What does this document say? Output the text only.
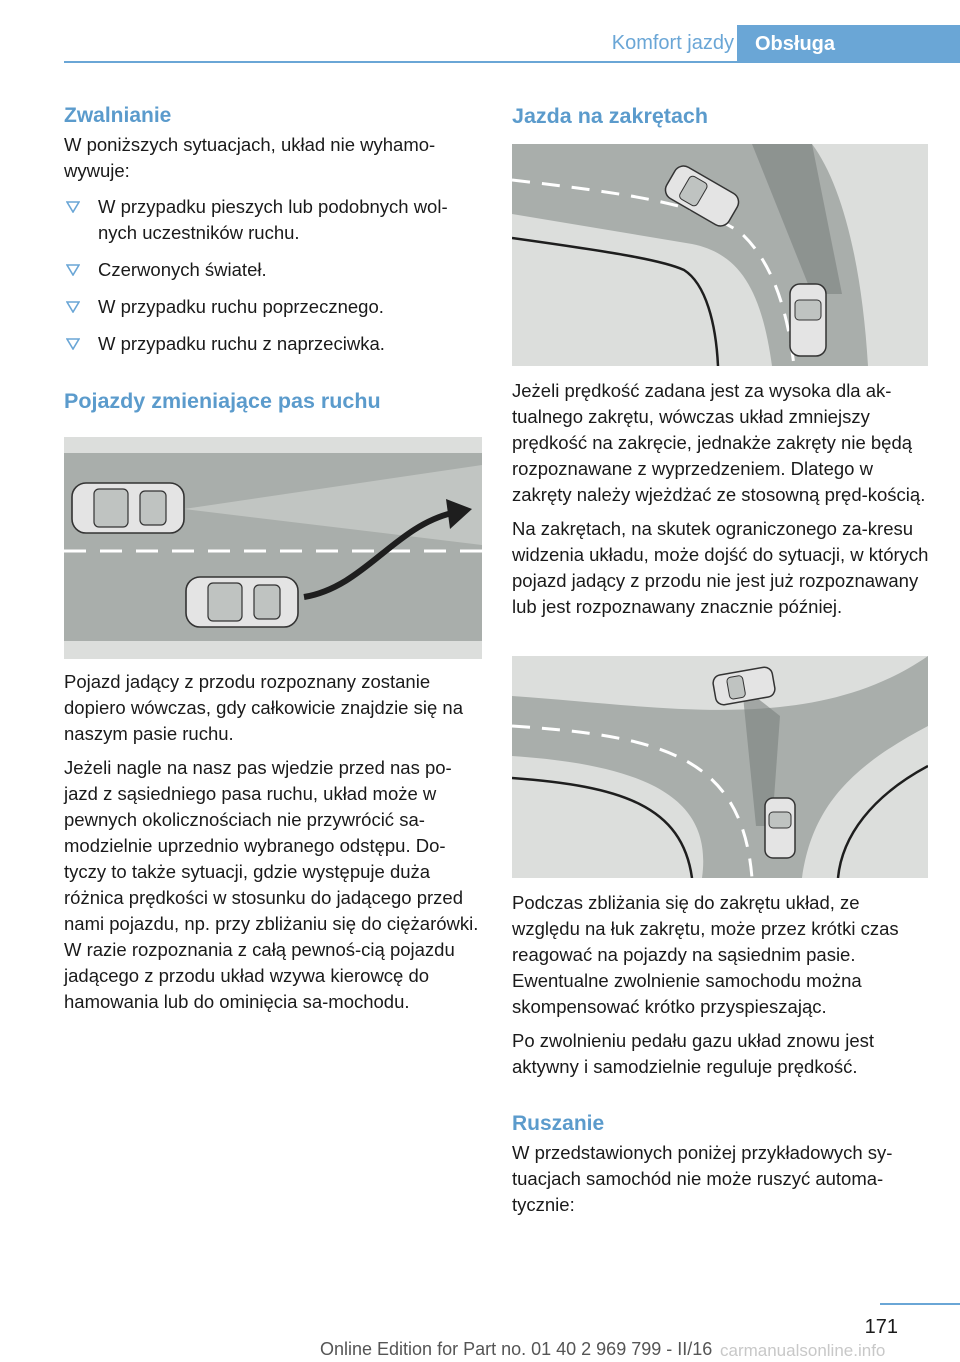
Komfort jazdy	Obsługa
Zwalnianie

W poniższych sytuacjach, układ nie wyhamo-wywuje:

W przypadku pieszych lub podobnych wol-nych uczestników ruchu.
Czerwonych świateł.
W przypadku ruchu poprzecznego.
W przypadku ruchu z naprzeciwka.
Pojazdy zmieniające pas ruchu

Pojazd jadący z przodu rozpoznany zostanie dopiero wówczas, gdy całkowicie znajdzie się na naszym pasie ruchu.

Jeżeli nagle na nasz pas wjedzie przed nas po-jazd z sąsiedniego pasa ruchu, układ może w pewnych okolicznościach nie przywrócić sa-modzielnie uprzednio wybranego odstępu. Do-tyczy to także sytuacji, gdzie występuje duża różnica prędkości w stosunku do jadącego przed nami pojazdu, np. przy zbliżaniu się do ciężarówki. W razie rozpoznania z całą pewnoś-cią pojazdu jadącego z przodu układ wzywa kierowcę do hamowania lub do ominięcia sa-mochodu.

Jazda na zakrętach

Jeżeli prędkość zadana jest za wysoka dla ak-tualnego zakrętu, wówczas układ zmniejszy prędkość na zakręcie, jednakże zakręty nie będą rozpoznawane z wyprzedzeniem. Dlatego w zakręty należy wjeżdżać ze stosowną pręd-kością.

Na zakrętach, na skutek ograniczonego za-kresu widzenia układu, może dojść do sytuacji, w których pojazd jadący z przodu nie jest już rozpoznawany lub jest rozpoznawany znacznie później.

Podczas zbliżania się do zakrętu układ, ze względu na łuk zakrętu, może przez krótki czas reagować na pojazdy na sąsiednim pasie. Ewentualne zwolnienie samochodu można skompensować krótko przyspieszając.

Po zwolnieniu pedału gazu układ znowu jest aktywny i samodzielnie reguluje prędkość.

Ruszanie

W przedstawionych poniżej przykładowych sy-tuacjach samochód nie może ruszyć automa-tycznie:

171
Online Edition for Part no. 01 40 2 969 799 - II/16 carmanualsonline.info
